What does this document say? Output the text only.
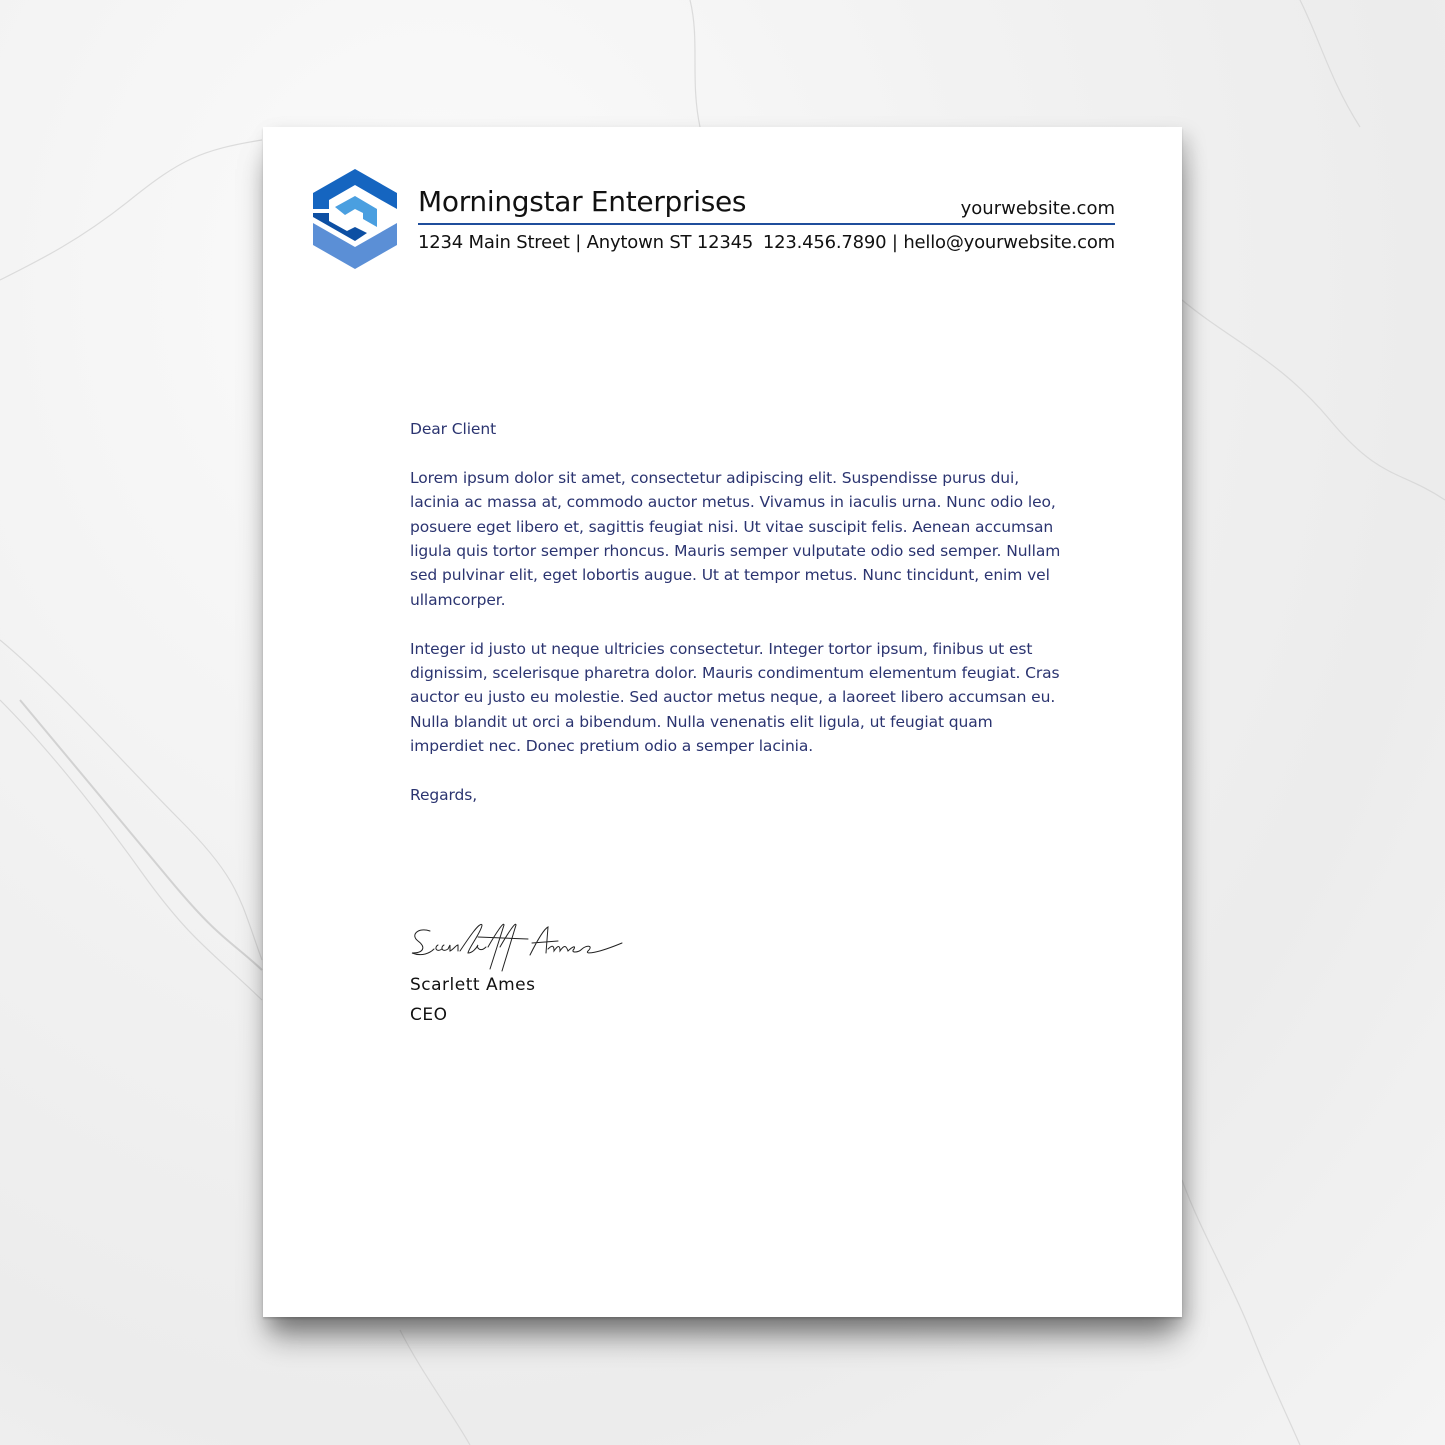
Morningstar Enterprises	yourwebsite.com
1234 Main Street | Anytown ST 12345 123.456.7890 | hello@yourwebsite.com

Dear Client

Lorem ipsum dolor sit amet, consectetur adipiscing elit. Suspendisse purus dui, lacinia ac massa at, commodo auctor metus. Vivamus in iaculis urna. Nunc odio leo, posuere eget libero et, sagittis feugiat nisi. Ut vitae suscipit felis. Aenean accumsan ligula quis tortor semper rhoncus. Mauris semper vulputate odio sed semper. Nullam sed pulvinar elit, eget lobortis augue. Ut at tempor metus. Nunc tincidunt, enim vel ullamcorper.

Integer id justo ut neque ultricies consectetur. Integer tortor ipsum, finibus ut est dignissim, scelerisque pharetra dolor. Mauris condimentum elementum feugiat. Cras auctor eu justo eu molestie. Sed auctor metus neque, a laoreet libero accumsan eu. Nulla blandit ut orci a bibendum. Nulla venenatis elit ligula, ut feugiat quam imperdiet nec. Donec pretium odio a semper lacinia.

Regards,

Scarlett Ames
CEO
